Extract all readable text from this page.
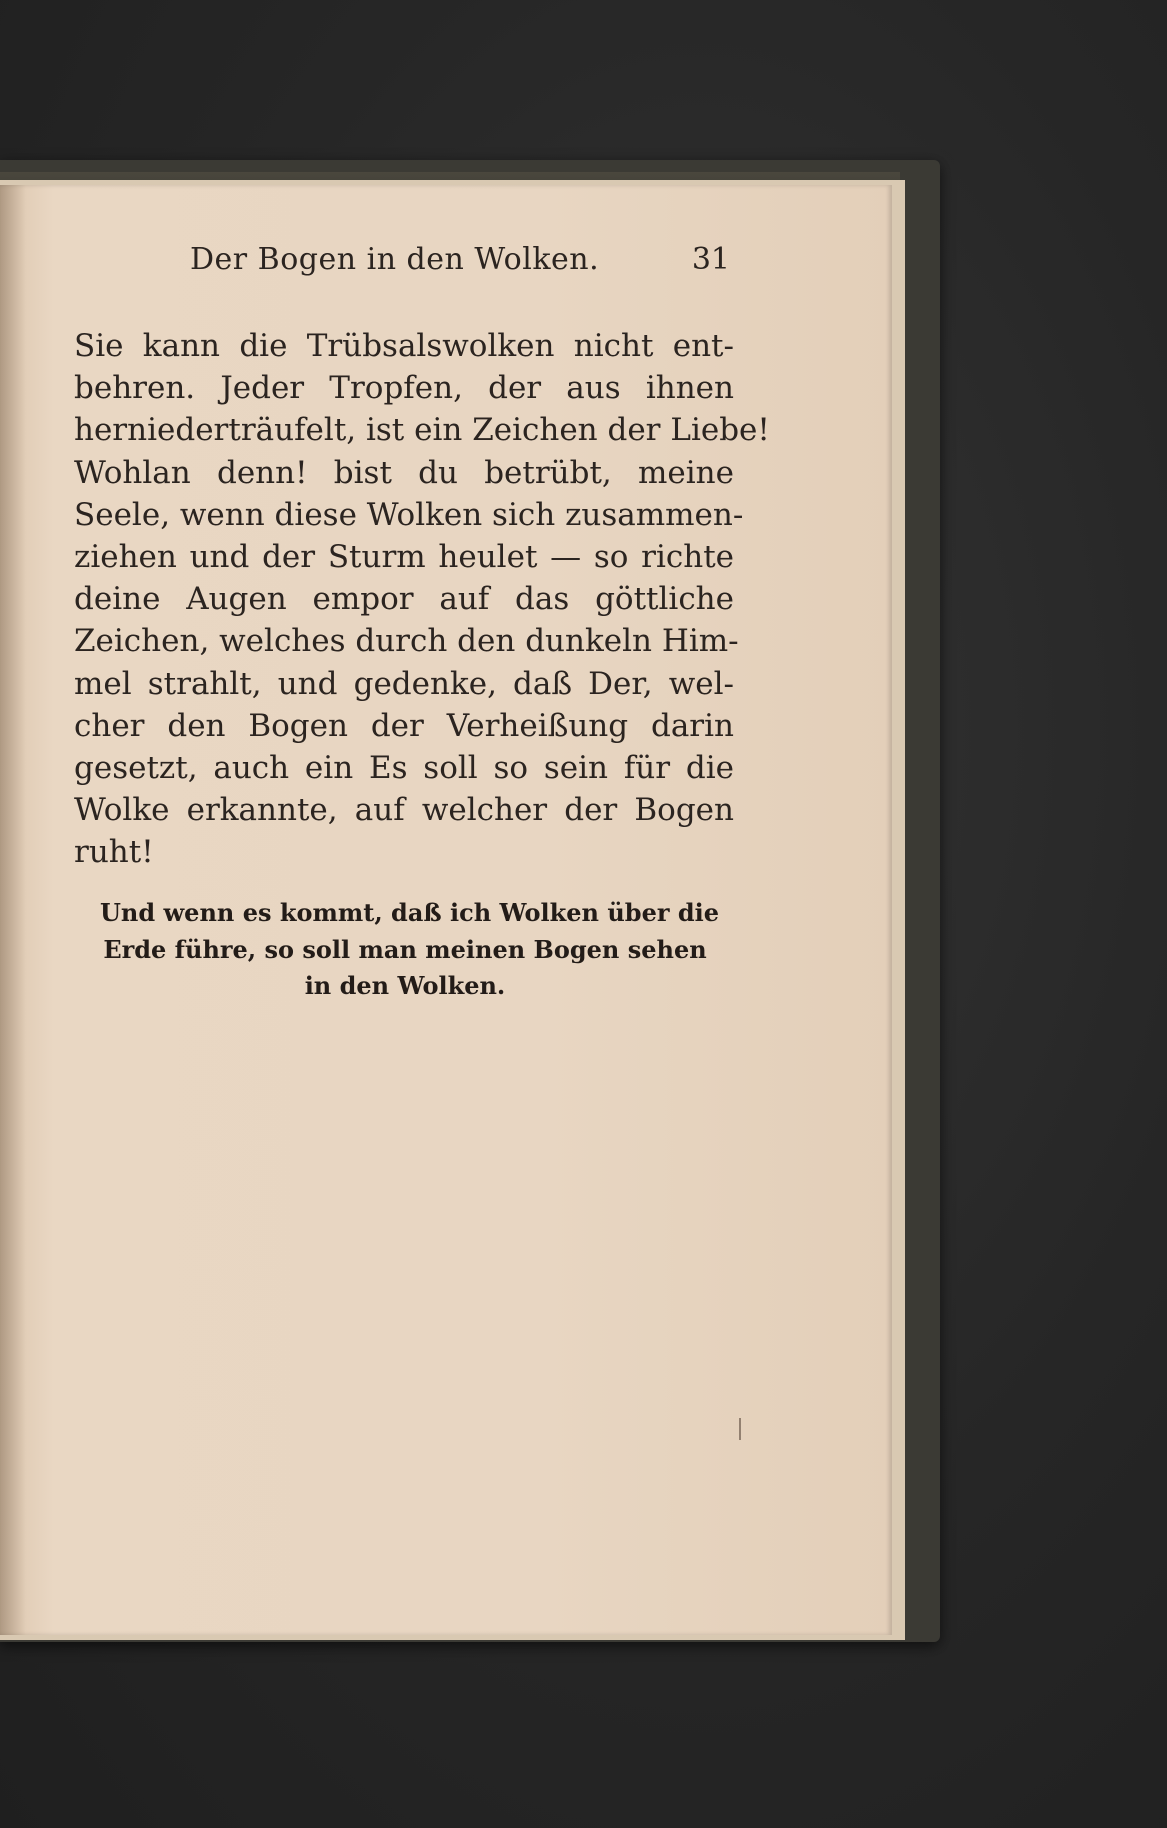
Der Bogen in den Wolken.	31
Sie kann die Trübsalswolken nicht ent-
behren. Jeder Tropfen, der aus ihnen
herniederträufelt, ist ein Zeichen der Liebe!
Wohlan denn! bist du betrübt, meine
Seele, wenn diese Wolken sich zusammen-
ziehen und der Sturm heulet — so richte
deine Augen empor auf das göttliche
Zeichen, welches durch den dunkeln Him-
mel strahlt, und gedenke, daß Der, wel-
cher den Bogen der Verheißung darin
gesetzt, auch ein Es soll so sein für die
Wolke erkannte, auf welcher der Bogen
ruht!
Und wenn es kommt, daß ich Wolken über die
Erde führe, so soll man meinen Bogen sehen
in den Wolken.
